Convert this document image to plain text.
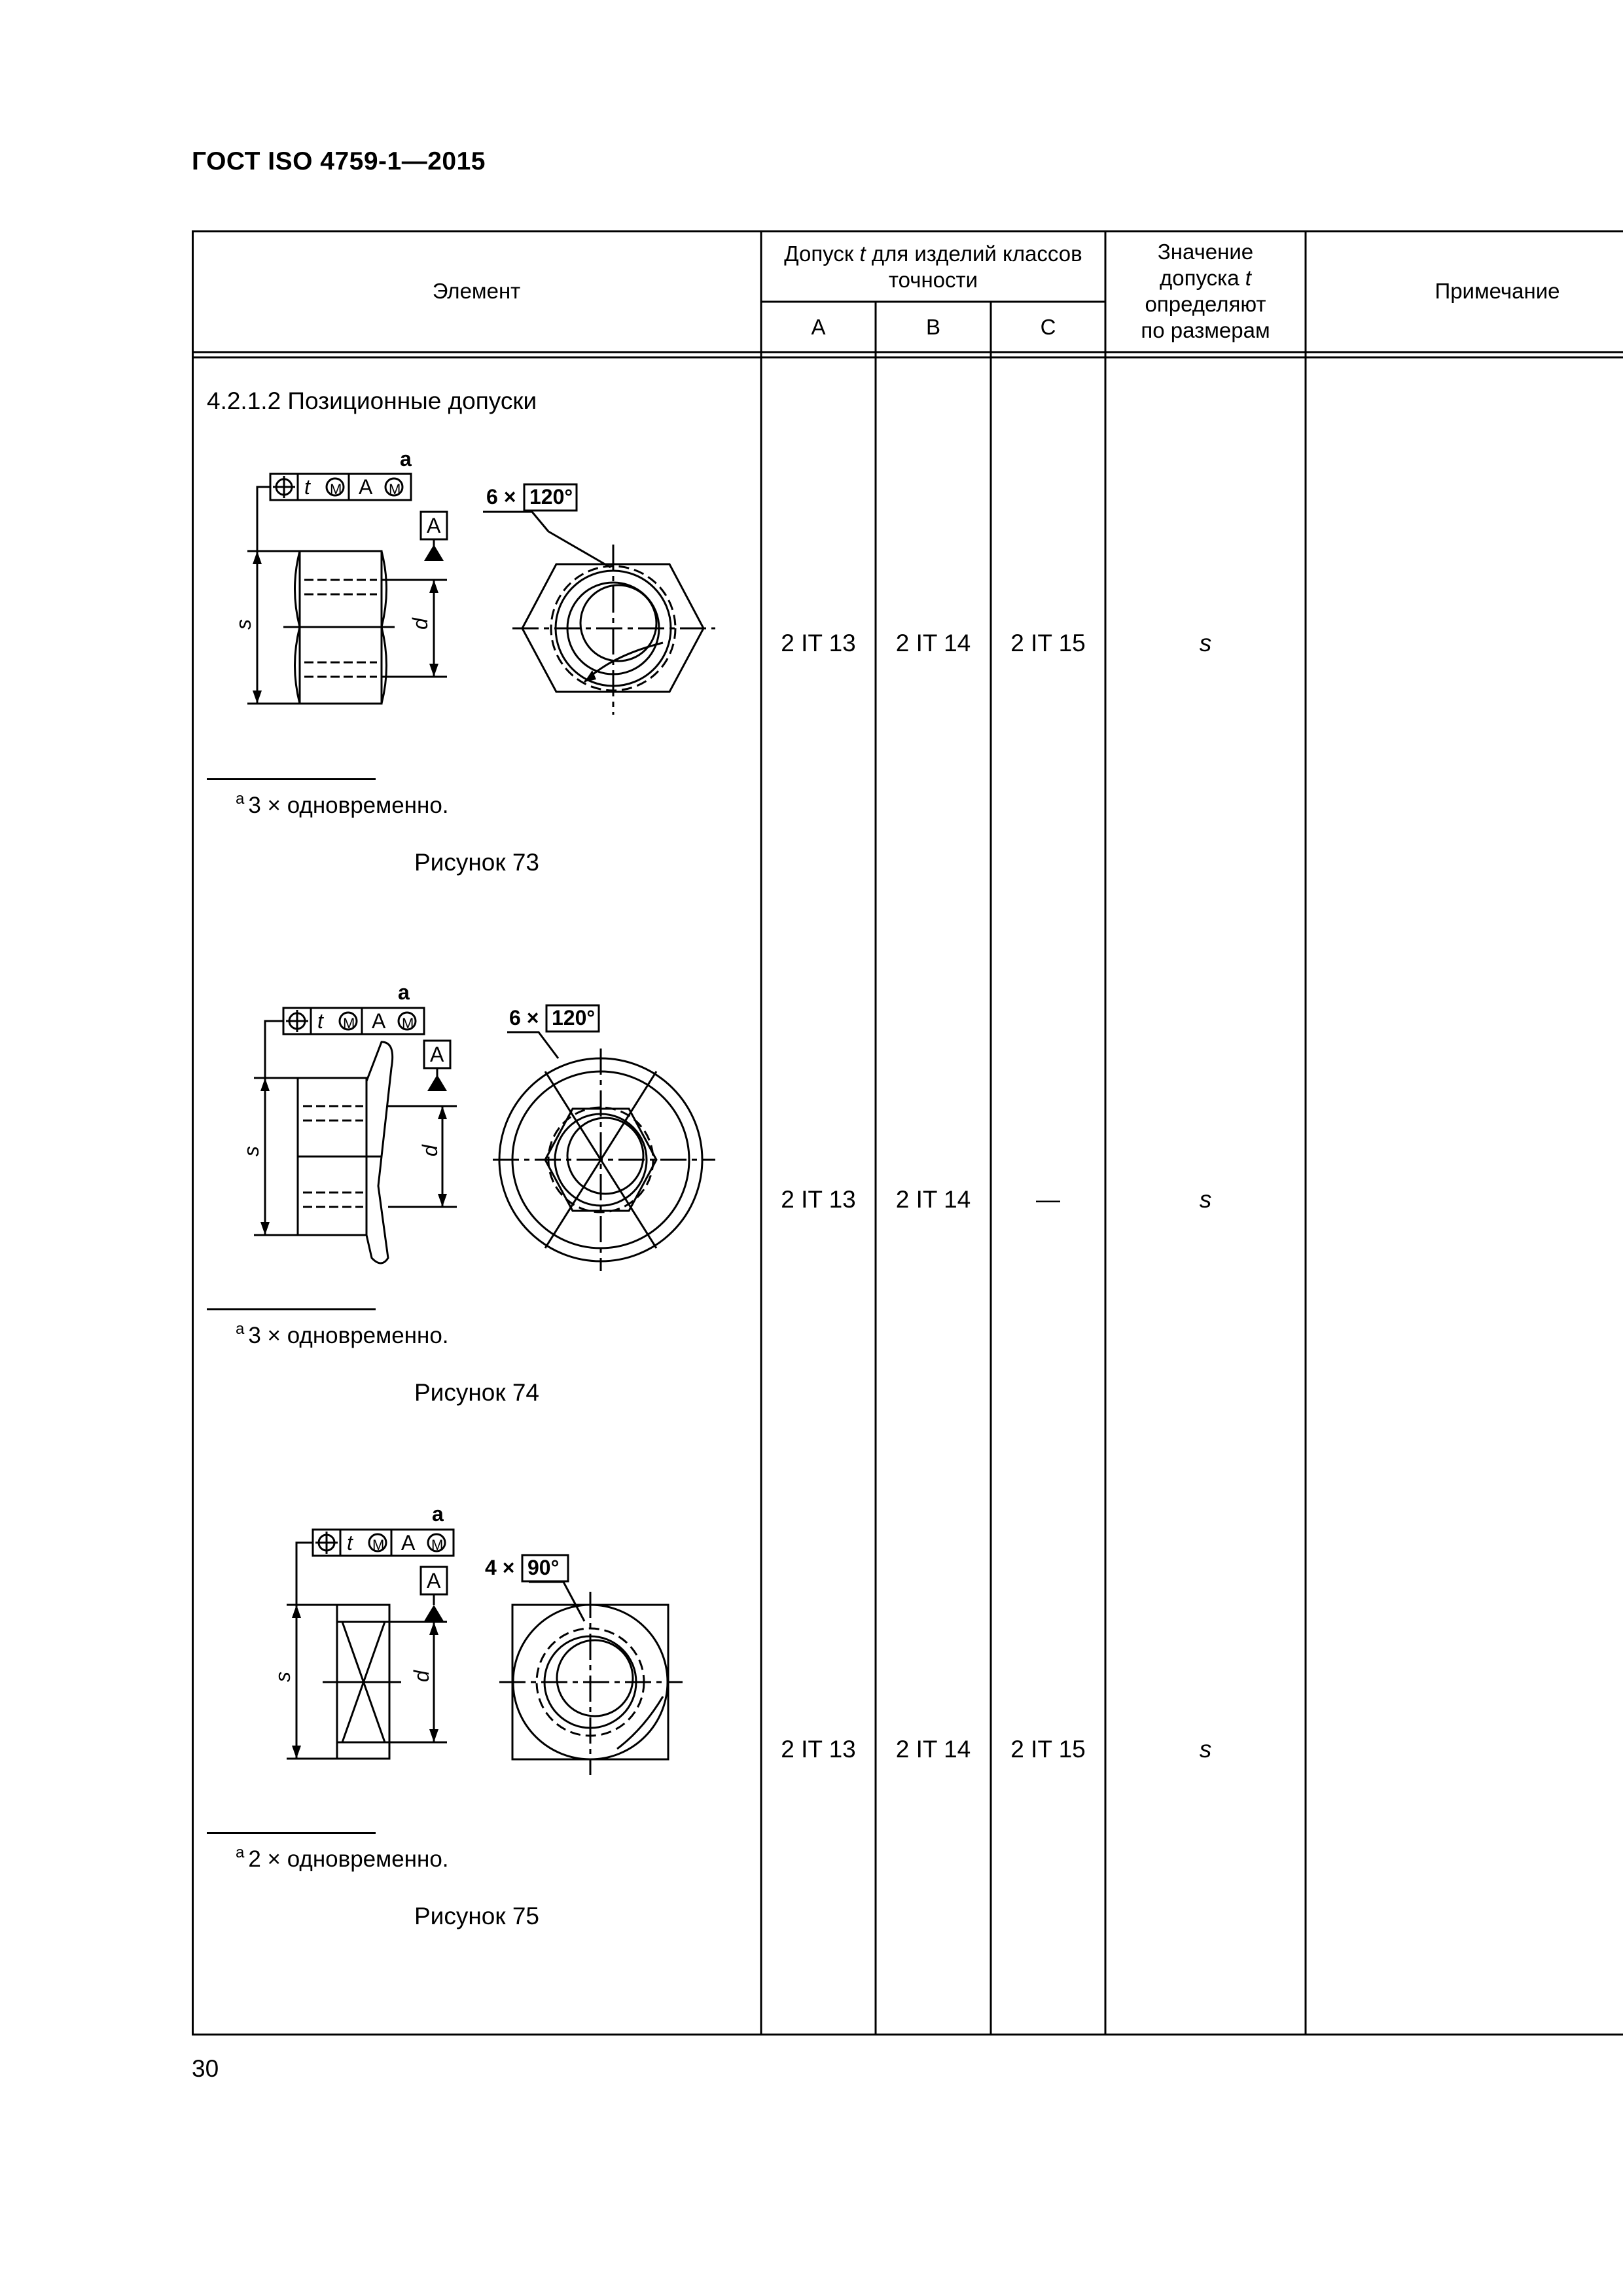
ГОСТ ISO 4759-1—2015
Элемент
Допуск t для изделий классов точности
А	В	С
Значение
допуска t
определяют
по размерам
Примечание
4.2.1.2 Позиционные допуски
2 IT 13	2 IT 14	2 IT 15	s
a
t M A M
A
6 × 120°
s	d
$^a$ 3 × одновременно.
Рисунок 73
2 IT 13	2 IT 14	—	s
a
t M A M
A
6 × 120°
s	d
$^a$ 3 × одновременно.
Рисунок 74
2 IT 13	2 IT 14	2 IT 15	s
a
t M A M
A
4 × 90°
s	d
$^a$ 2 × одновременно.
Рисунок 75
30
